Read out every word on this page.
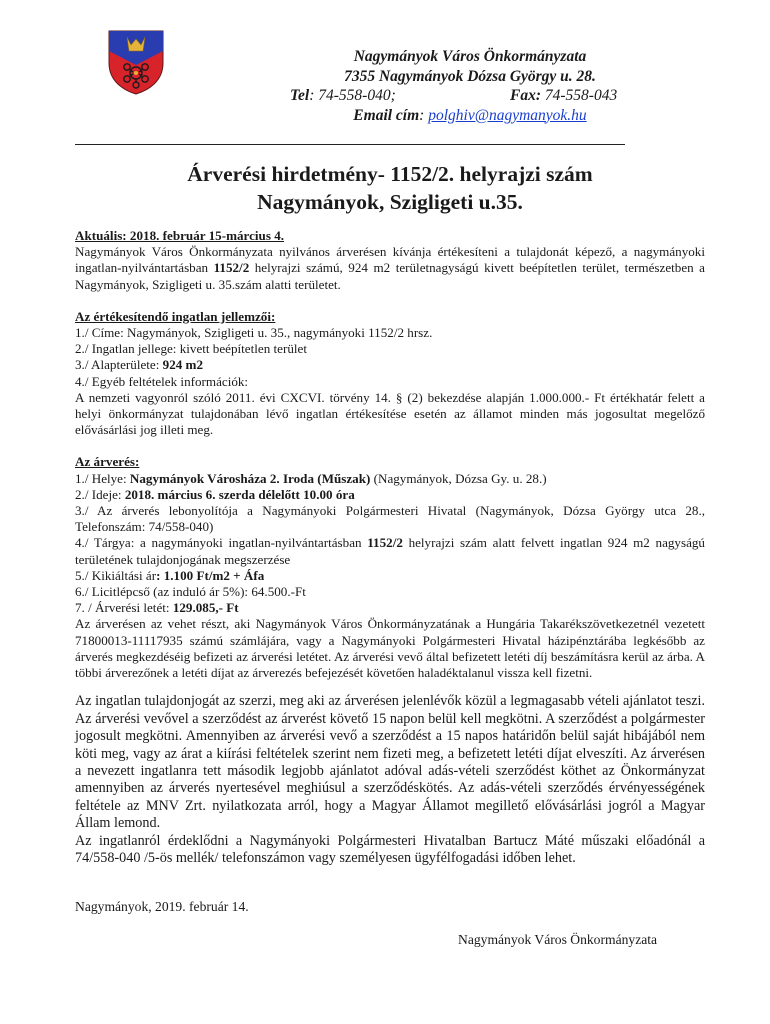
Nagymányok Város Önkormányzata
7355 Nagymányok Dózsa György u. 28.
Tel: 74-558-040;	Fax: 74-558-043
Email cím: polghiv@nagymanyok.hu
Árverési hirdetmény- 1152/2. helyrajzi szám
Nagymányok, Szigligeti u.35.

Aktuális: 2018. február 15-március 4.

Nagymányok Város Önkormányzata nyilvános árverésen kívánja értékesíteni a tulajdonát képező, a nagymányoki ingatlan-nyilvántartásban 1152/2 helyrajzi számú, 924 m2 területnagyságú kivett beépítetlen terület, természetben a Nagymányok, Szigligeti u. 35.szám alatti területet.

Az értékesítendő ingatlan jellemzői:

1./ Címe: Nagymányok, Szigligeti u. 35., nagymányoki 1152/2 hrsz.

2./ Ingatlan jellege: kivett beépítetlen terület

3./ Alapterülete: 924 m2

4./ Egyéb feltételek információk:

A nemzeti vagyonról szóló 2011. évi CXCVI. törvény 14. § (2) bekezdése alapján 1.000.000.- Ft értékhatár felett a helyi önkormányzat tulajdonában lévő ingatlan értékesítése esetén az államot minden más jogosultat megelőző elővásárlási jog illeti meg.

Az árverés:

1./ Helye: Nagymányok Városháza 2. Iroda (Műszak) (Nagymányok, Dózsa Gy. u. 28.)

2./ Ideje: 2018. március 6. szerda délelőtt 10.00 óra

3./ Az árverés lebonyolítója a Nagymányoki Polgármesteri Hivatal (Nagymányok, Dózsa György utca 28., Telefonszám: 74/558-040)

4./ Tárgya: a nagymányoki ingatlan-nyilvántartásban 1152/2 helyrajzi szám alatt felvett ingatlan 924 m2 nagyságú területének tulajdonjogának megszerzése

5./ Kikiáltási ár: 1.100 Ft/m2 + Áfa

6./ Licitlépcső (az induló ár 5%): 64.500.-Ft

7. / Árverési letét: 129.085,- Ft

Az árverésen az vehet részt, aki Nagymányok Város Önkormányzatának a Hungária Takarékszövetkezetnél vezetett 71800013-11117935 számú számlájára, vagy a Nagymányoki Polgármesteri Hivatal házipénztárába legkésőbb az árverés megkezdéséig befizeti az árverési letétet. Az árverési vevő által befizetett letéti díj beszámításra kerül az árba. A többi árverezőnek a letéti díjat az árverezés befejezését követően haladéktalanul vissza kell fizetni.

Az ingatlan tulajdonjogát az szerzi, meg aki az árverésen jelenlévők közül a legmagasabb vételi ajánlatot teszi. Az árverési vevővel a szerződést az árverést követő 15 napon belül kell megkötni. A szerződést a polgármester jogosult megkötni. Amennyiben az árverési vevő a szerződést a 15 napos határidőn belül saját hibájából nem köti meg, vagy az árat a kiírási feltételek szerint nem fizeti meg, a befizetett letéti díjat elveszíti. Az árverésen a nevezett ingatlanra tett második legjobb ajánlatot adóval adás-vételi szerződést köthet az Önkormányzat amennyiben az árverés nyertesével meghiúsul a szerződéskötés. Az adás-vételi szerződés érvényességének feltétele az MNV Zrt. nyilatkozata arról, hogy a Magyar Államot megillető elővásárlási jogról a Magyar Állam lemond.

Az ingatlanról érdeklődni a Nagymányoki Polgármesteri Hivatalban Bartucz Máté műszaki előadónál a 74/558-040 /5-ös mellék/ telefonszámon vagy személyesen ügyfélfogadási időben lehet.

Nagymányok, 2019. február 14.
Nagymányok Város Önkormányzata
